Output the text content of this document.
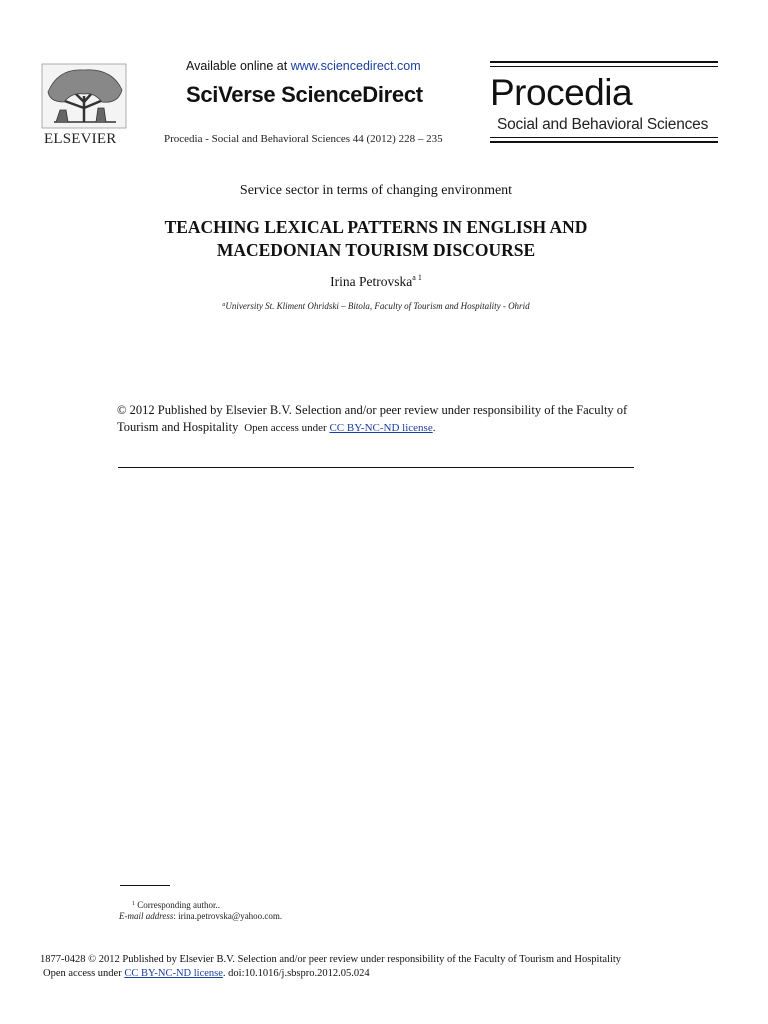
ELSEVIER
Available online at www.sciencedirect.com
SciVerse ScienceDirect
Procedia - Social and Behavioral Sciences 44 (2012) 228 – 235
Procedia
Social and Behavioral Sciences
Service sector in terms of changing environment
TEACHING LEXICAL PATTERNS IN ENGLISH AND
MACEDONIAN TOURISM DISCOURSE
Irina Petrovska$^{a 1}$
$^a$University St. Kliment Ohridski – Bitola, Faculty of Tourism and Hospitality - Ohrid
© 2012 Published by Elsevier B.V. Selection and/or peer review under responsibility of the Faculty of
Tourism and Hospitality Open access under CC BY-NC-ND license.
$^1$ Corresponding author..
E-mail address: irina.petrovska@yahoo.com.
1877-0428 © 2012 Published by Elsevier B.V. Selection and/or peer review under responsibility of the Faculty of Tourism and Hospitality
Open access under CC BY-NC-ND license. doi:10.1016/j.sbspro.2012.05.024
